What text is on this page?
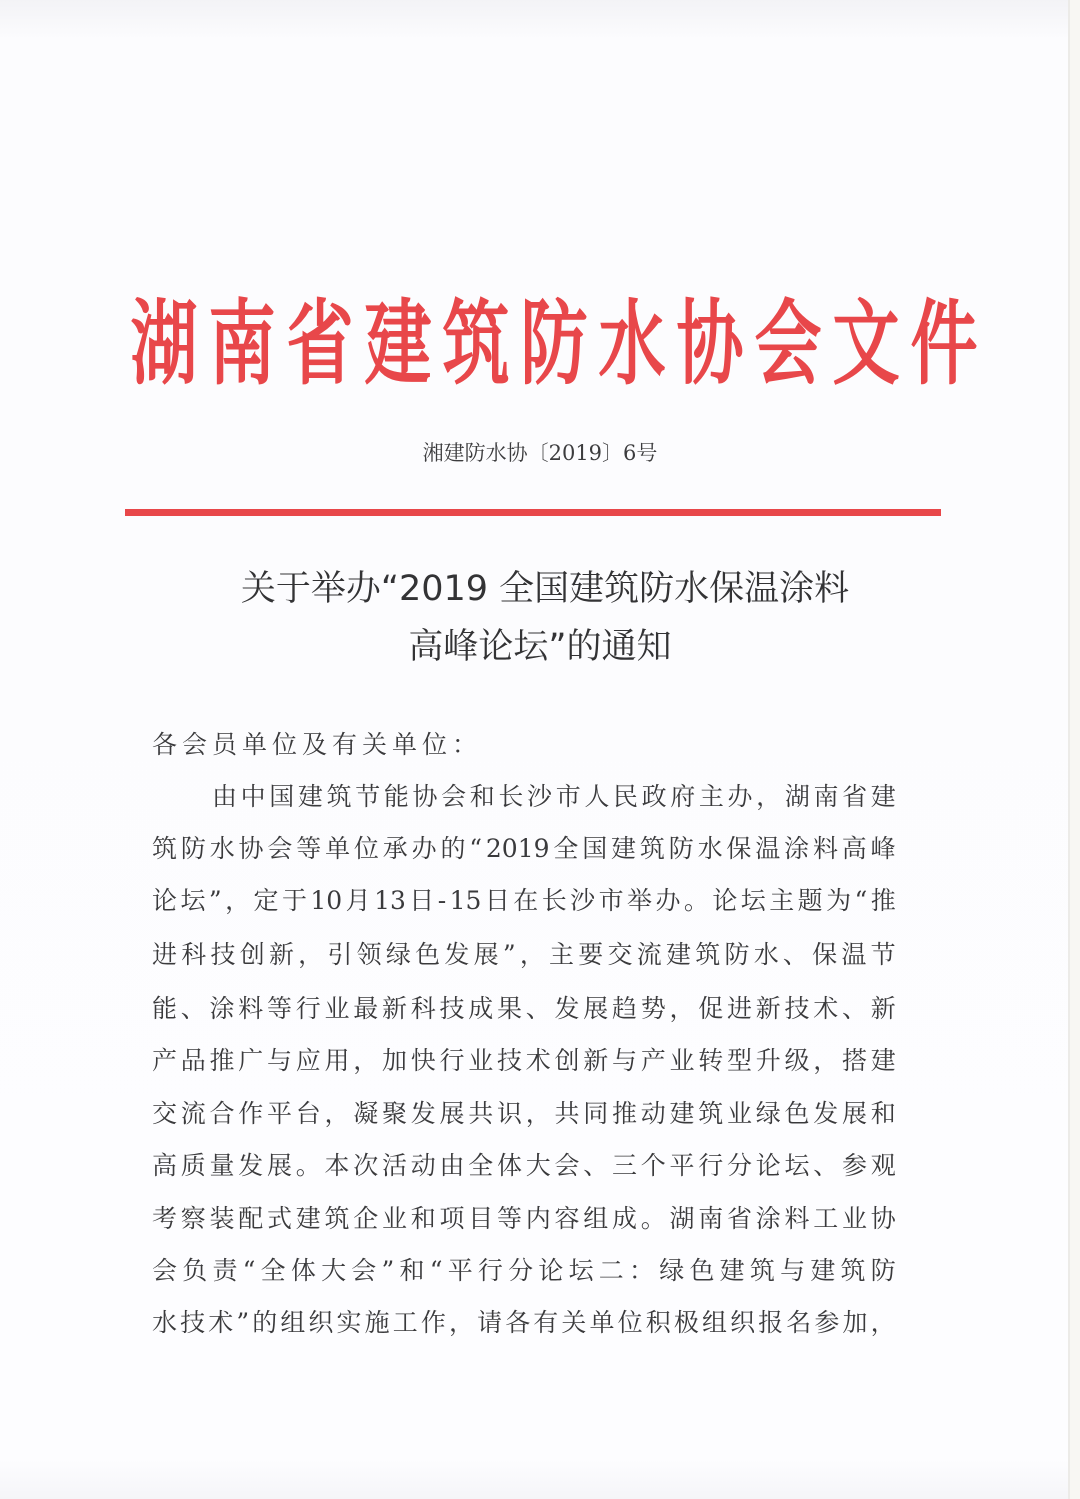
湖 南 省 建 筑 防 水 协 会 文 件
湘建防水协〔2019〕6号
关于举办“2019 全国建筑防水保温涂料
高峰论坛”的通知
各会员单位及有关单位：
由 中 国 建 筑 节 能 协 会 和 长 沙 市 人 民 政 府 主 办 ， 湖 南 省 建
筑 防 水 协 会 等 单 位 承 办 的 “ 2019 全 国 建 筑 防 水 保 温 涂 料 高 峰
论 坛 ” ， 定 于 10 月 13 日 - 15 日 在 长 沙 市 举 办 。 论 坛 主 题 为 “ 推
进 科 技 创 新 ， 引 领 绿 色 发 展 ” ， 主 要 交 流 建 筑 防 水 、 保 温 节
能 、 涂 料 等 行 业 最 新 科 技 成 果 、 发 展 趋 势 ， 促 进 新 技 术 、 新
产 品 推 广 与 应 用 ， 加 快 行 业 技 术 创 新 与 产 业 转 型 升 级 ， 搭 建
交 流 合 作 平 台 ， 凝 聚 发 展 共 识 ， 共 同 推 动 建 筑 业 绿 色 发 展 和
高 质 量 发 展 。 本 次 活 动 由 全 体 大 会 、 三 个 平 行 分 论 坛 、 参 观
考 察 装 配 式 建 筑 企 业 和 项 目 等 内 容 组 成 。 湖 南 省 涂 料 工 业 协
会 负 责 “ 全 体 大 会 ” 和 “ 平 行 分 论 坛 二 ： 绿 色 建 筑 与 建 筑 防
水 技 术 ” 的 组 织 实 施 工 作 ， 请 各 有 关 单 位 积 极 组 织 报 名 参 加 ，
